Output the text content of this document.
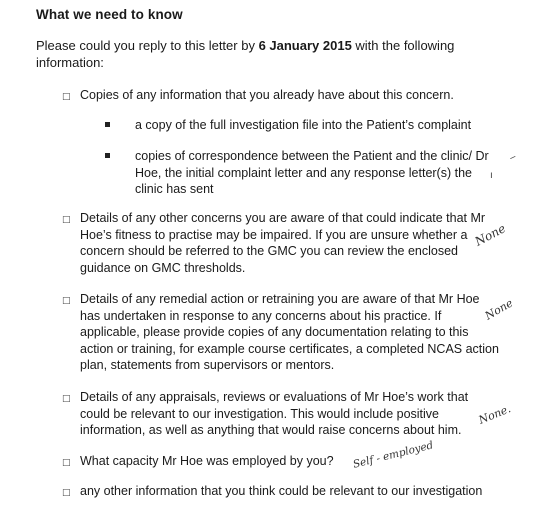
What we need to know
Please could you reply to this letter by 6 January 2015 with the following information:
□ Copies of any information that you already have about this concern.
a copy of the full investigation file into the Patient’s complaint
copies of correspondence between the Patient and the clinic/ Dr Hoe, the initial complaint letter and any response letter(s) the clinic has sent
□ Details of any other concerns you are aware of that could indicate that Mr Hoe’s fitness to practise may be impaired. If you are unsure whether a concern should be referred to the GMC you can review the enclosed guidance on GMC thresholds.
□ Details of any remedial action or retraining you are aware of that Mr Hoe has undertaken in response to any concerns about his practice. If applicable, please provide copies of any documentation relating to this action or training, for example course certificates, a completed NCAS action plan, statements from supervisors or mentors.
□ Details of any appraisals, reviews or evaluations of Mr Hoe’s work that could be relevant to our investigation. This would include positive information, as well as anything that would raise concerns about him.
□ What capacity Mr Hoe was employed by you?
□ any other information that you think could be relevant to our investigation
–
ı
None
None
None.
Self - employed
